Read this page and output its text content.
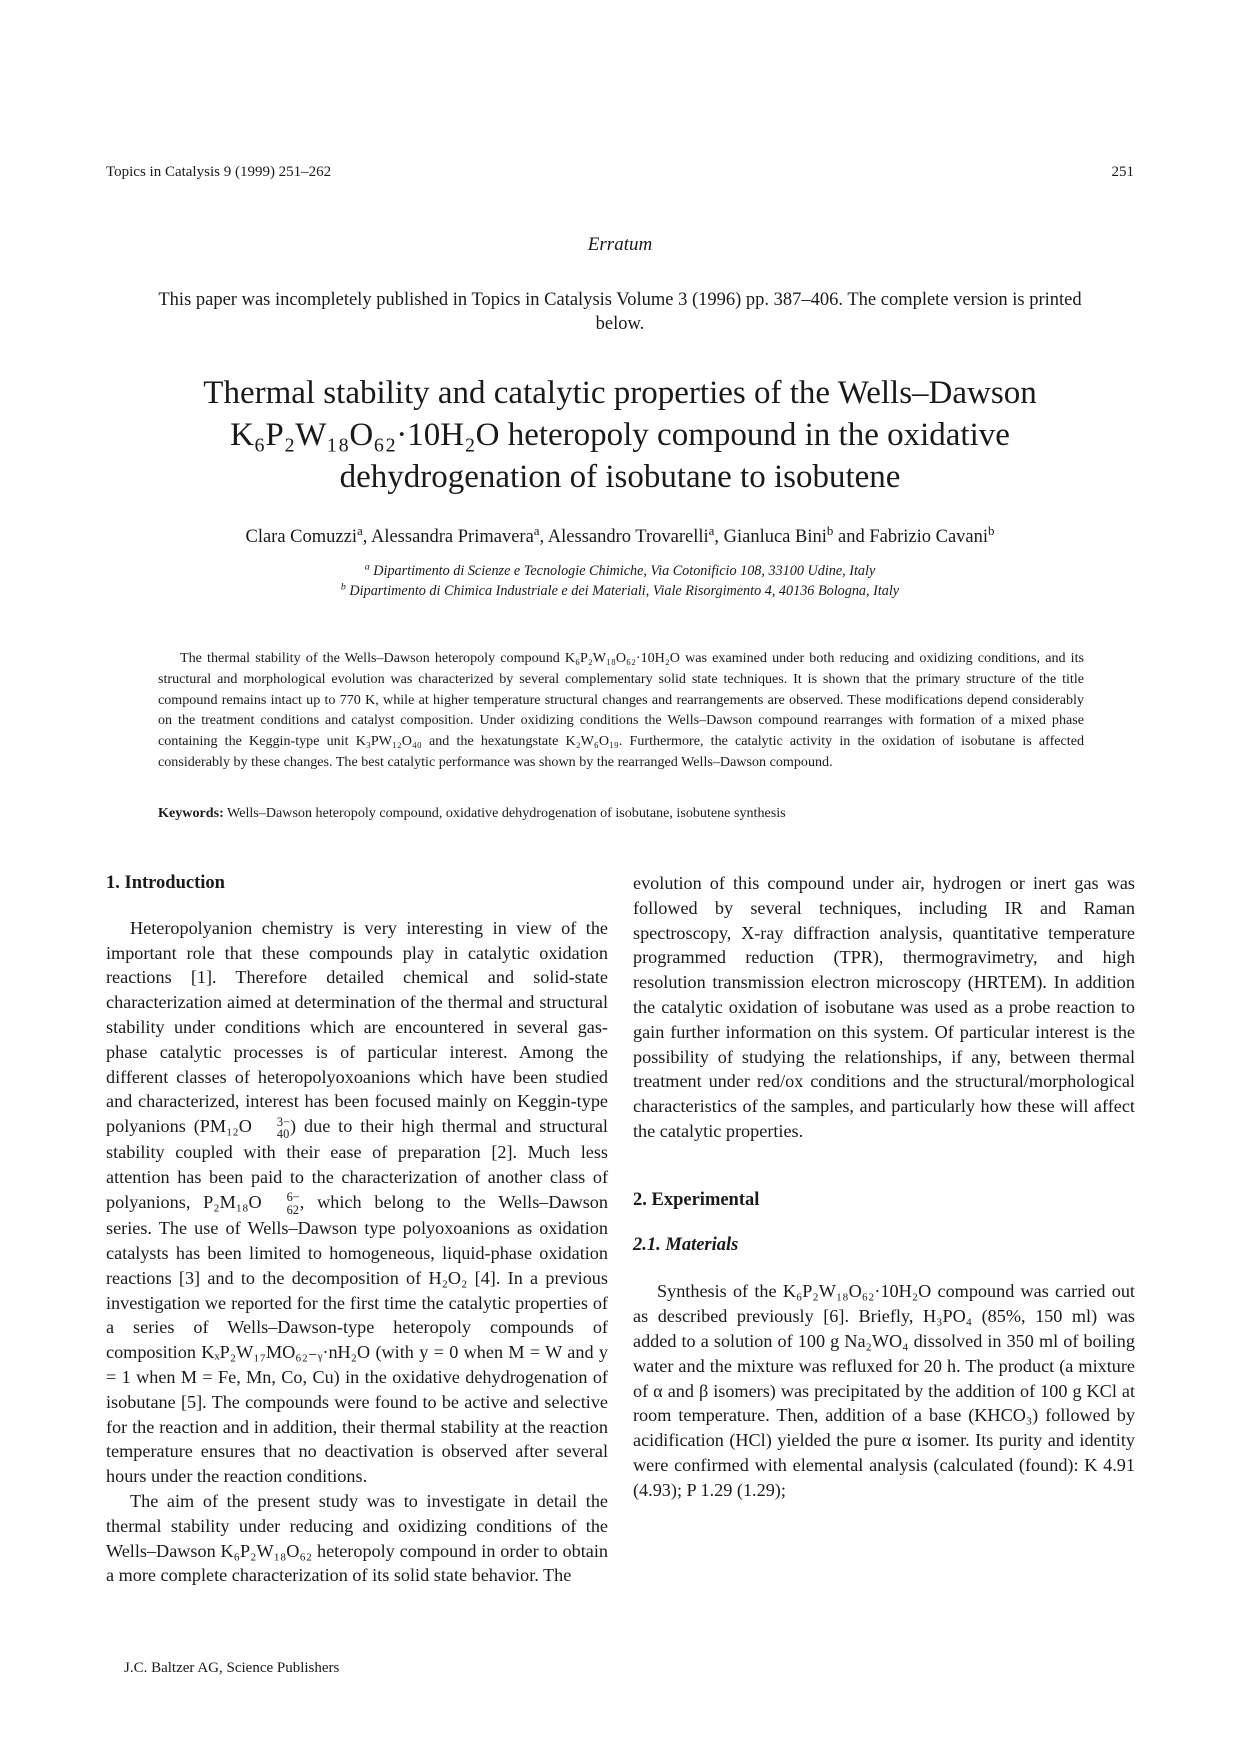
Topics in Catalysis 9 (1999) 251–262	251
Erratum
This paper was incompletely published in Topics in Catalysis Volume 3 (1996) pp. 387–406. The complete version is printed below.
Thermal stability and catalytic properties of the Wells–Dawson
K₆P₂W₁₈O₆₂·10H₂O heteropoly compound in the oxidative
dehydrogenation of isobutane to isobutene
Clara Comuzzi$^a$, Alessandra Primavera$^a$, Alessandro Trovarelli$^a$, Gianluca Bini$^b$ and Fabrizio Cavani$^b$
$^a$ Dipartimento di Scienze e Tecnologie Chimiche, Via Cotonificio 108, 33100 Udine, Italy
$^b$ Dipartimento di Chimica Industriale e dei Materiali, Viale Risorgimento 4, 40136 Bologna, Italy

The thermal stability of the Wells–Dawson heteropoly compound K₆P₂W₁₈O₆₂·10H₂O was examined under both reducing and oxidizing conditions, and its structural and morphological evolution was characterized by several complementary solid state techniques. It is shown that the primary structure of the title compound remains intact up to 770 K, while at higher temperature structural changes and rearrangements are observed. These modifications depend considerably on the treatment conditions and catalyst composition. Under oxidizing conditions the Wells–Dawson compound rearranges with formation of a mixed phase containing the Keggin-type unit K₃PW₁₂O₄₀ and the hexatungstate K₂W₆O₁₉. Furthermore, the catalytic activity in the oxidation of isobutane is affected considerably by these changes. The best catalytic performance was shown by the rearranged Wells–Dawson compound.

Keywords: Wells–Dawson heteropoly compound, oxidative dehydrogenation of isobutane, isobutene synthesis

1. Introduction

Heteropolyanion chemistry is very interesting in view of the important role that these compounds play in catalytic oxidation reactions [1]. Therefore detailed chemical and solid-state characterization aimed at determination of the thermal and structural stability under conditions which are encountered in several gas-phase catalytic processes is of particular interest. Among the different classes of heteropolyoxoanions which have been studied and characterized, interest has been focused mainly on Keggin-type polyanions (PM₁₂O	3−
40 ) due to their high thermal and structural stability coupled with their ease of preparation [2]. Much less attention has been paid to the characterization of another class of polyanions, P₂M₁₈O	6−
62 , which belong to the Wells–Dawson series. The use of Wells–Dawson type polyoxoanions as oxidation catalysts has been limited to homogeneous, liquid-phase oxidation reactions [3] and to the decomposition of H₂O₂ [4]. In a previous investigation we reported for the first time the catalytic properties of a series of Wells–Dawson-type heteropoly compounds of composition KₓP₂W₁₇MO₆₂₋ᵧ·nH₂O (with y = 0 when M = W and y = 1 when M = Fe, Mn, Co, Cu) in the oxidative dehydrogenation of isobutane [5]. The compounds were found to be active and selective for the reaction and in addition, their thermal stability at the reaction temperature ensures that no deactivation is observed after several hours under the reaction conditions.

The aim of the present study was to investigate in detail the thermal stability under reducing and oxidizing conditions of the Wells–Dawson K₆P₂W₁₈O₆₂ heteropoly compound in order to obtain a more complete characterization of its solid state behavior. The

evolution of this compound under air, hydrogen or inert gas was followed by several techniques, including IR and Raman spectroscopy, X-ray diffraction analysis, quantitative temperature programmed reduction (TPR), thermogravimetry, and high resolution transmission electron microscopy (HRTEM). In addition the catalytic oxidation of isobutane was used as a probe reaction to gain further information on this system. Of particular interest is the possibility of studying the relationships, if any, between thermal treatment under red/ox conditions and the structural/morphological characteristics of the samples, and particularly how these will affect the catalytic properties.

2. Experimental
2.1. Materials

Synthesis of the K₆P₂W₁₈O₆₂·10H₂O compound was carried out as described previously [6]. Briefly, H₃PO₄ (85%, 150 ml) was added to a solution of 100 g Na₂WO₄ dissolved in 350 ml of boiling water and the mixture was refluxed for 20 h. The product (a mixture of α and β isomers) was precipitated by the addition of 100 g KCl at room temperature. Then, addition of a base (KHCO₃) followed by acidification (HCl) yielded the pure α isomer. Its purity and identity were confirmed with elemental analysis (calculated (found): K 4.91 (4.93); P 1.29 (1.29);

J.C. Baltzer AG, Science Publishers
